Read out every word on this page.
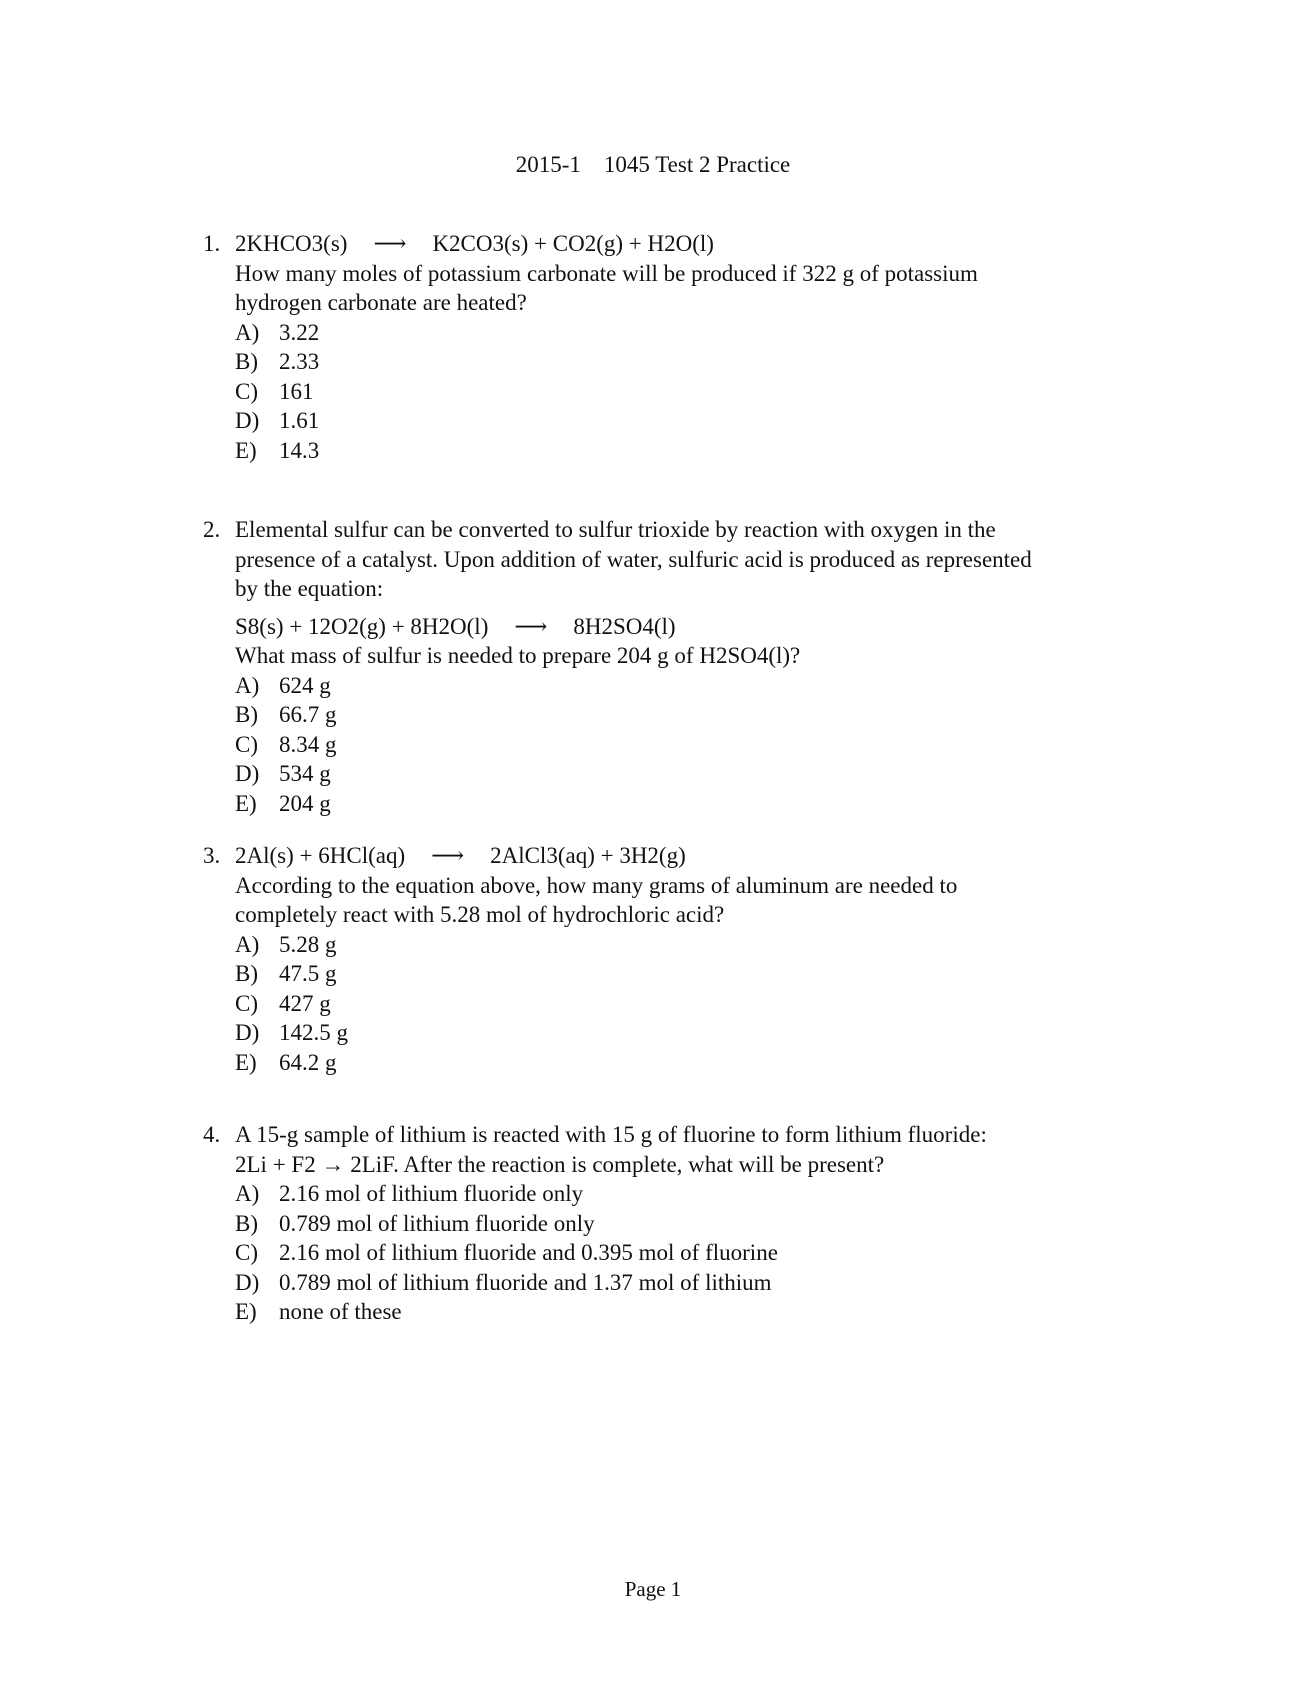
2015-1    1045 Test 2 Practice
1. 2KHCO3(s) ⟶ K2CO3(s) + CO2(g) + H2O(l)
How many moles of potassium carbonate will be produced if 322 g of potassium
hydrogen carbonate are heated?
A) 3.22
B) 2.33
C) 161
D) 1.61
E) 14.3
2. Elemental sulfur can be converted to sulfur trioxide by reaction with oxygen in the
presence of a catalyst. Upon addition of water, sulfuric acid is produced as represented
by the equation:
S8(s) + 12O2(g) + 8H2O(l) ⟶ 8H2SO4(l)
What mass of sulfur is needed to prepare 204 g of H2SO4(l)?
A) 624 g
B) 66.7 g
C) 8.34 g
D) 534 g
E) 204 g
3. 2Al(s) + 6HCl(aq) ⟶ 2AlCl3(aq) + 3H2(g)
According to the equation above, how many grams of aluminum are needed to
completely react with 5.28 mol of hydrochloric acid?
A) 5.28 g
B) 47.5 g
C) 427 g
D) 142.5 g
E) 64.2 g
4. A 15-g sample of lithium is reacted with 15 g of fluorine to form lithium fluoride:
2Li + F2 → 2LiF. After the reaction is complete, what will be present?
A) 2.16 mol of lithium fluoride only
B) 0.789 mol of lithium fluoride only
C) 2.16 mol of lithium fluoride and 0.395 mol of fluorine
D) 0.789 mol of lithium fluoride and 1.37 mol of lithium
E) none of these
Page 1
